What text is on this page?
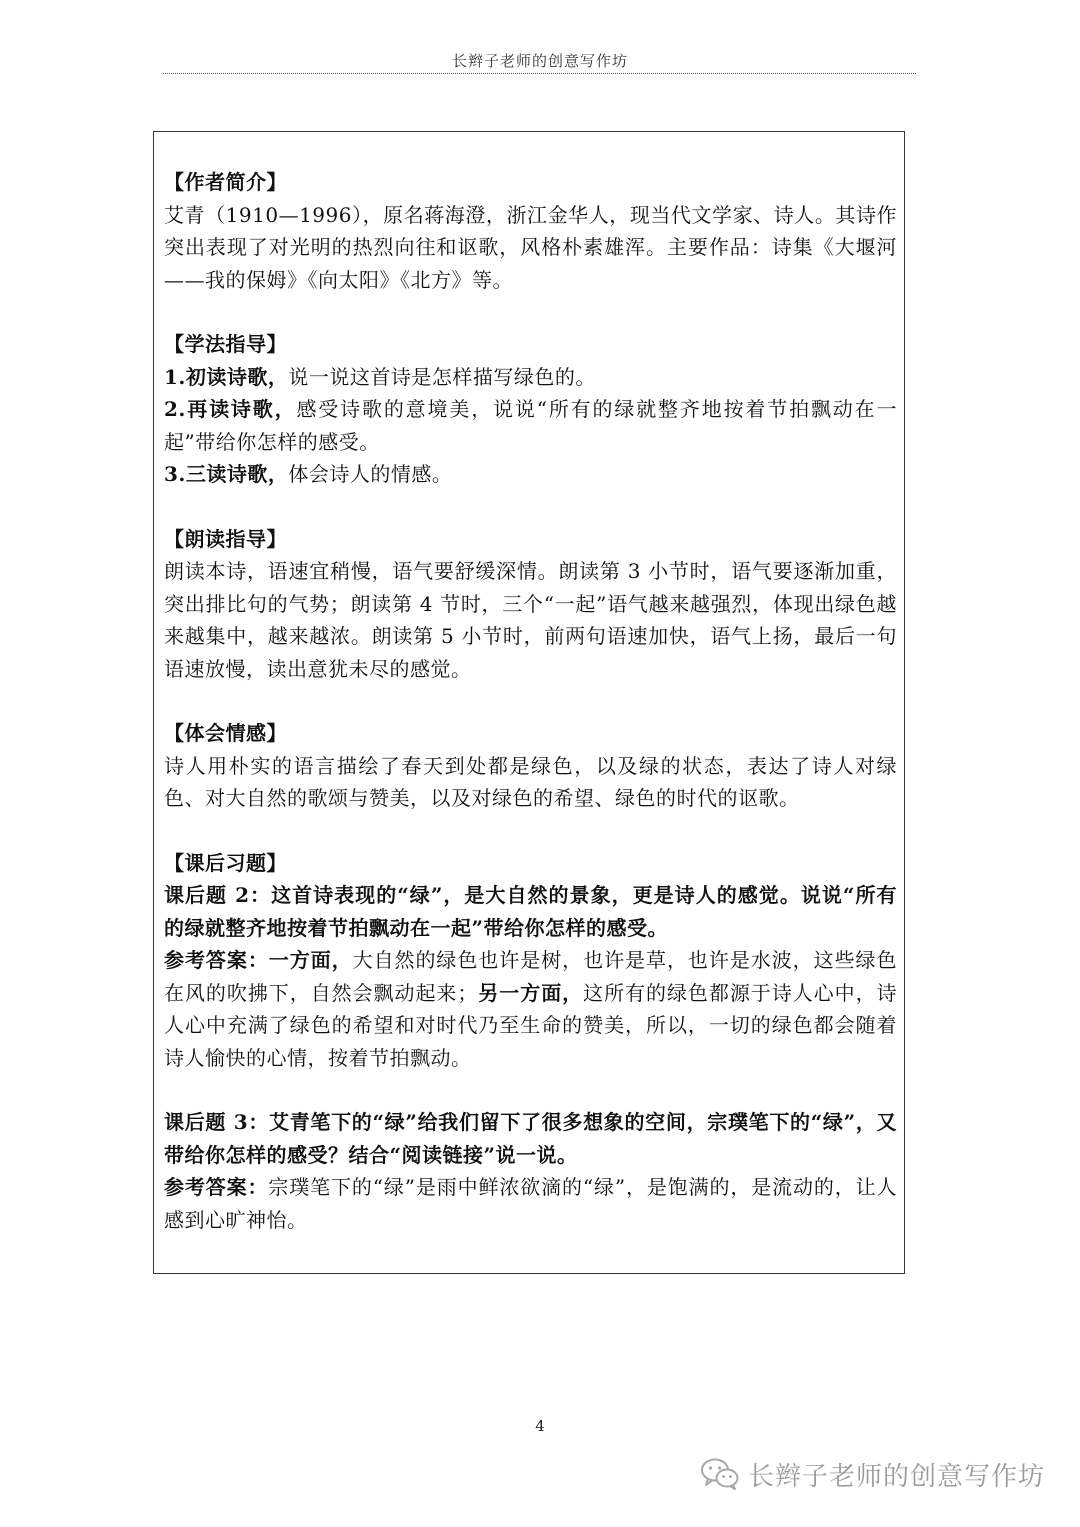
长辫子老师的创意写作坊

【作者简介】

艾青（1910—1996），原名蒋海澄，浙江金华人，现当代文学家、诗人。其诗作突出表现了对光明的热烈向往和讴歌，风格朴素雄浑。主要作品：诗集《大堰河——我的保姆》《向太阳》《北方》等。

【学法指导】

1.初读诗歌，说一说这首诗是怎样描写绿色的。

2.再读诗歌，感受诗歌的意境美，说说“所有的绿就整齐地按着节拍飘动在一起”带给你怎样的感受。

3.三读诗歌，体会诗人的情感。

【朗读指导】

朗读本诗，语速宜稍慢，语气要舒缓深情。朗读第 3 小节时，语气要逐渐加重，突出排比句的气势；朗读第 4 节时，三个“一起”语气越来越强烈，体现出绿色越来越集中，越来越浓。朗读第 5 小节时，前两句语速加快，语气上扬，最后一句语速放慢，读出意犹未尽的感觉。

【体会情感】

诗人用朴实的语言描绘了春天到处都是绿色，以及绿的状态，表达了诗人对绿色、对大自然的歌颂与赞美，以及对绿色的希望、绿色的时代的讴歌。

【课后习题】

课后题 2：这首诗表现的“绿”，是大自然的景象，更是诗人的感觉。说说“所有的绿就整齐地按着节拍飘动在一起”带给你怎样的感受。

参考答案：一方面，大自然的绿色也许是树，也许是草，也许是水波，这些绿色在风的吹拂下，自然会飘动起来；另一方面，这所有的绿色都源于诗人心中，诗人心中充满了绿色的希望和对时代乃至生命的赞美，所以，一切的绿色都会随着诗人愉快的心情，按着节拍飘动。

课后题 3：艾青笔下的“绿”给我们留下了很多想象的空间，宗璞笔下的“绿”，又带给你怎样的感受？结合“阅读链接”说一说。

参考答案：宗璞笔下的“绿”是雨中鲜浓欲滴的“绿”，是饱满的，是流动的，让人感到心旷神怡。

4
长辫子老师的创意写作坊
